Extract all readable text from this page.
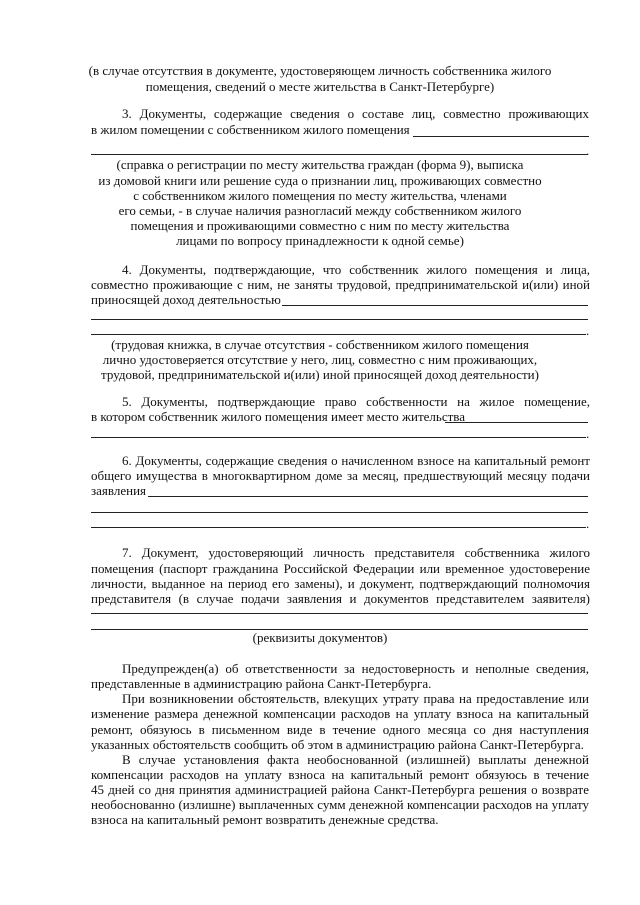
(в случае отсутствия в документе, удостоверяющем личность собственника жилого
помещения, сведений о месте жительства в Санкт-Петербурге)
3. Документы, содержащие сведения о составе лиц, совместно проживающих
в жилом помещении с собственником жилого помещения
.
(справка о регистрации по месту жительства граждан (форма 9), выписка
из домовой книги или решение суда о признании лиц, проживающих совместно
с собственником жилого помещения по месту жительства, членами
его семьи, - в случае наличия разногласий между собственником жилого
помещения и проживающими совместно с ним по месту жительства
лицами по вопросу принадлежности к одной семье)
4. Документы, подтверждающие, что собственник жилого помещения и лица,
совместно проживающие с ним, не заняты трудовой, предпринимательской и(или) иной
приносящей доход деятельностью
.
(трудовая книжка, в случае отсутствия - собственником жилого помещения
лично удостоверяется отсутствие у него, лиц, совместно с ним проживающих,
трудовой, предпринимательской и(или) иной приносящей доход деятельности)
5. Документы, подтверждающие право собственности на жилое помещение,
в котором собственник жилого помещения имеет место жительства
.
6. Документы, содержащие сведения о начисленном взносе на капитальный ремонт
общего имущества в многоквартирном доме за месяц, предшествующий месяцу подачи
заявления
.
7. Документ, удостоверяющий личность представителя собственника жилого
помещения (паспорт гражданина Российской Федерации или временное удостоверение
личности, выданное на период его замены), и документ, подтверждающий полномочия
представителя (в случае подачи заявления и документов представителем заявителя)
(реквизиты документов)
Предупрежден(а) об ответственности за недостоверность и неполные сведения,
представленные в администрацию района Санкт-Петербурга.
При возникновении обстоятельств, влекущих утрату права на предоставление или
изменение размера денежной компенсации расходов на уплату взноса на капитальный
ремонт, обязуюсь в письменном виде в течение одного месяца со дня наступления
указанных обстоятельств сообщить об этом в администрацию района Санкт-Петербурга.
В случае установления факта необоснованной (излишней) выплаты денежной
компенсации расходов на уплату взноса на капитальный ремонт обязуюсь в течение
45 дней со дня принятия администрацией района Санкт-Петербурга решения о возврате
необоснованно (излишне) выплаченных сумм денежной компенсации расходов на уплату
взноса на капитальный ремонт возвратить денежные средства.
